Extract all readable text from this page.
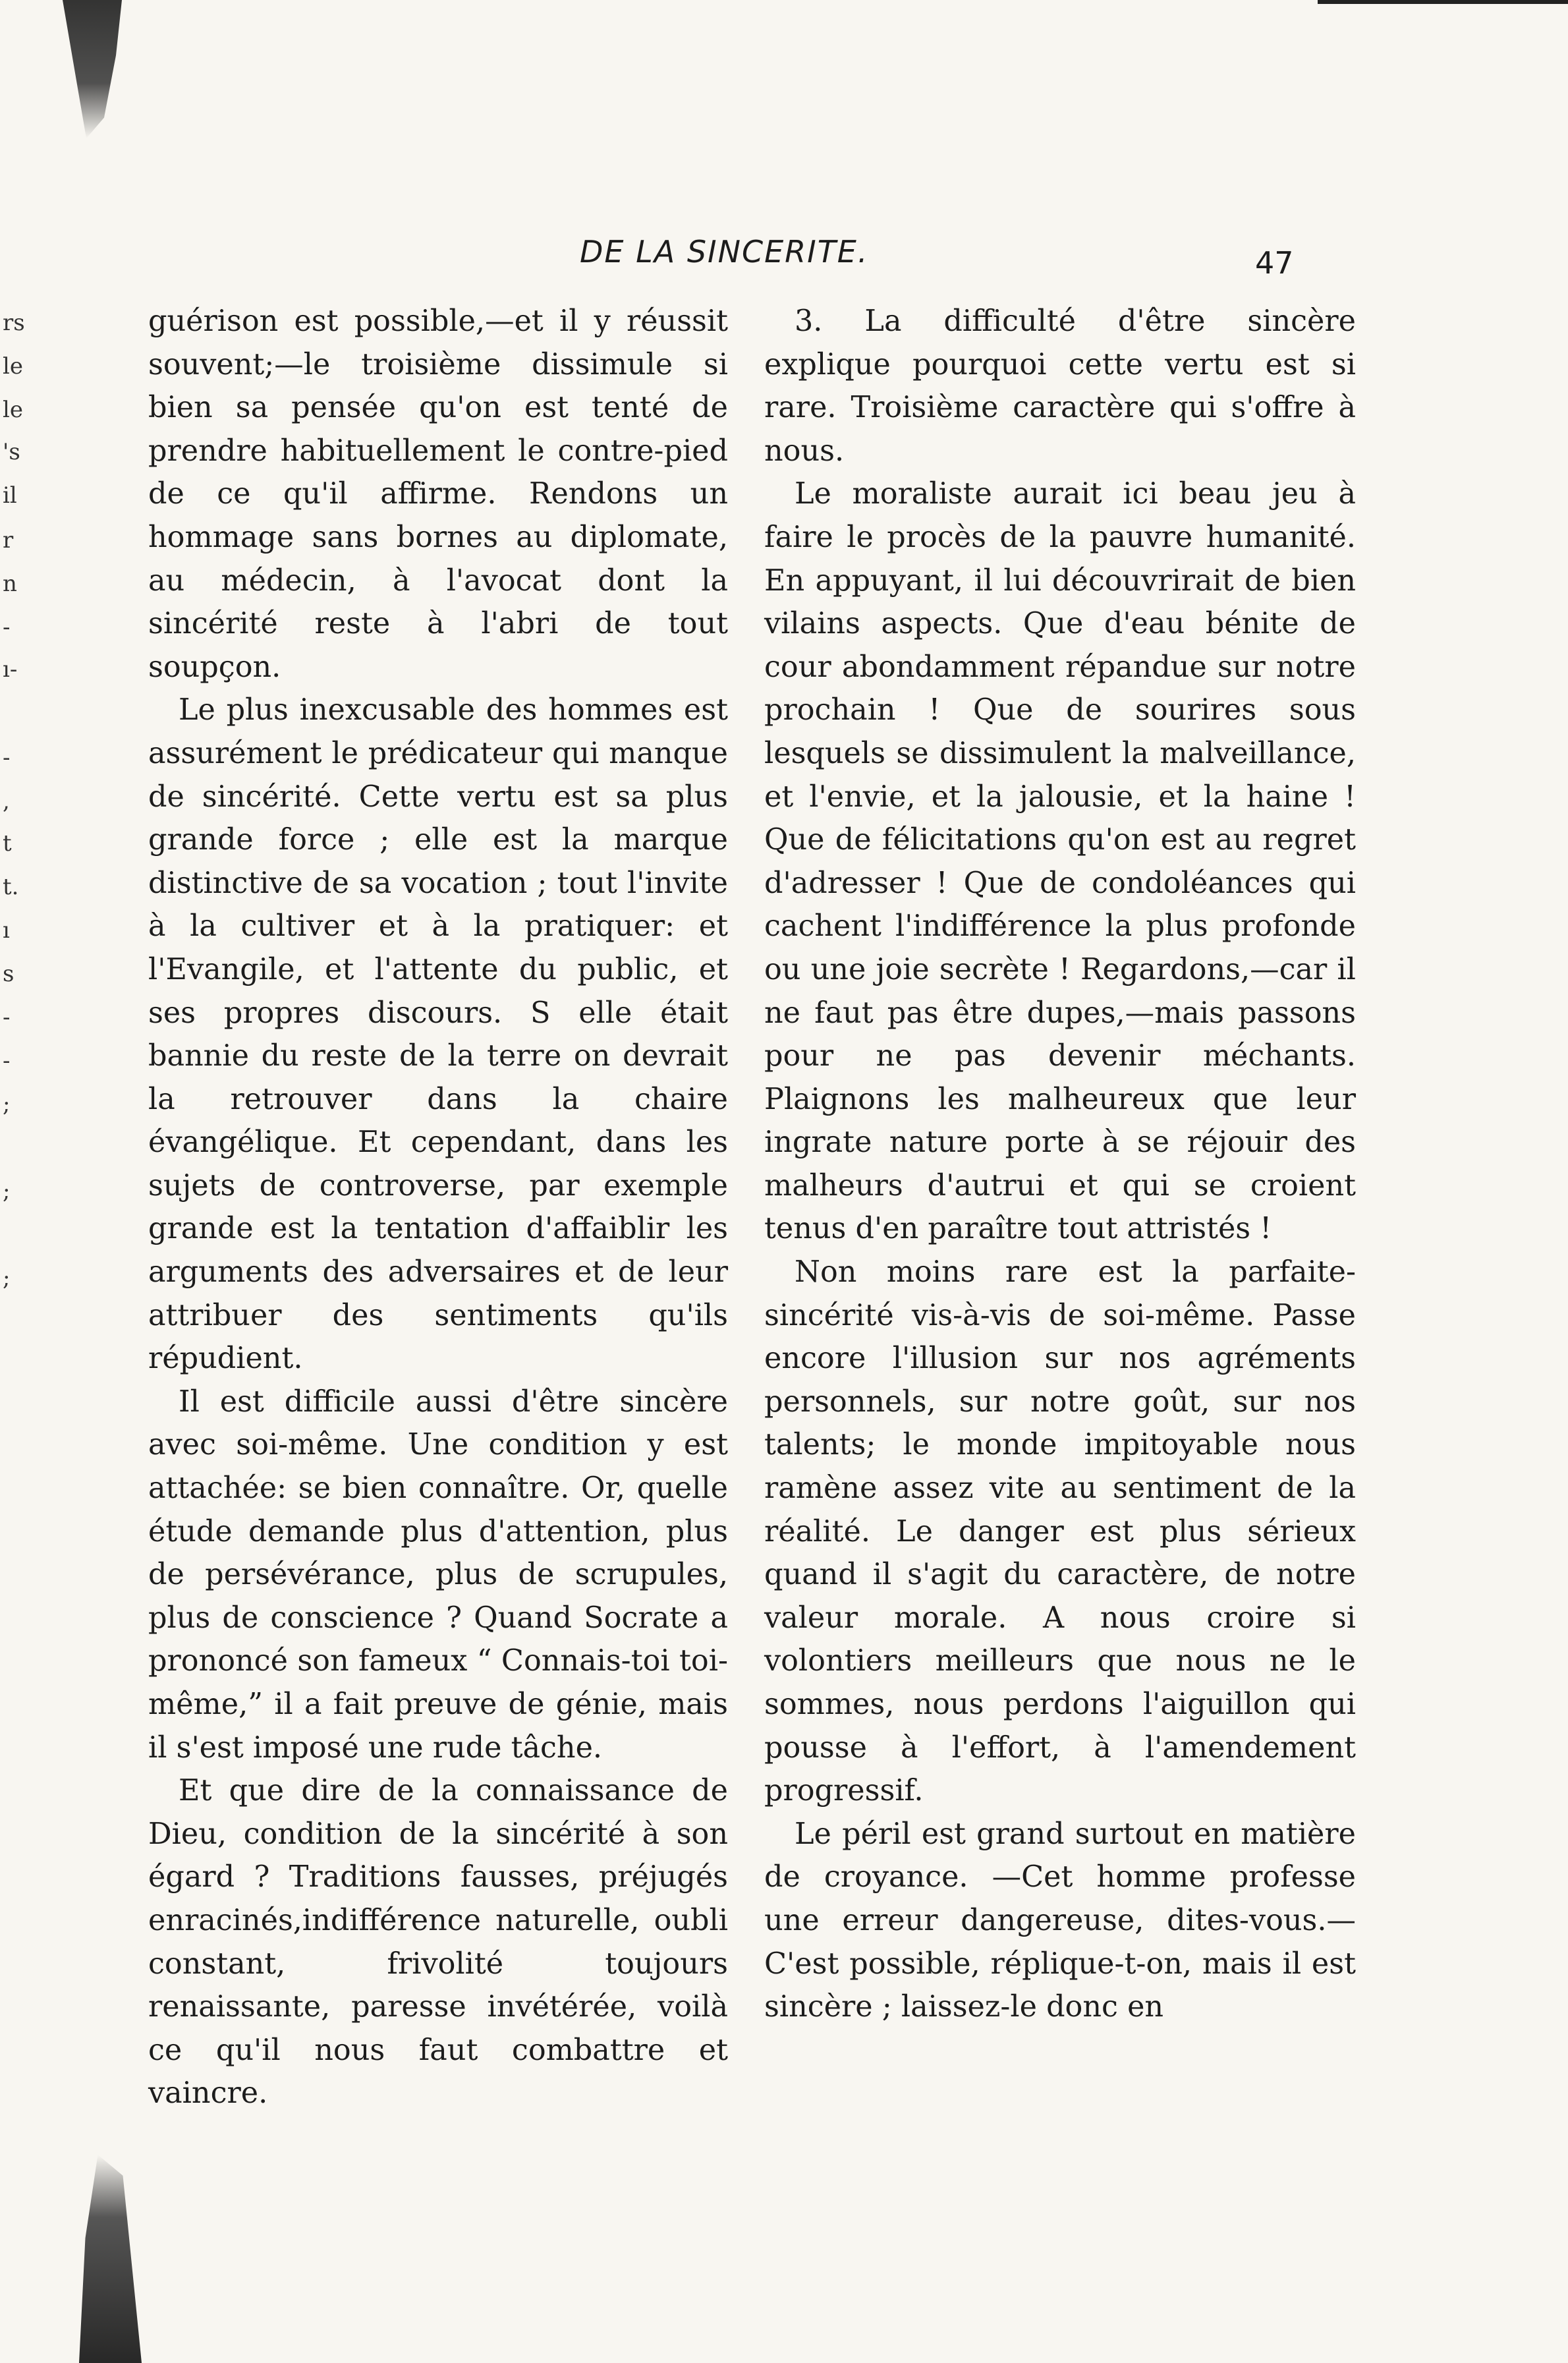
rs
le
le
's
il
r
n
-
ı-
-
,
t
t.
ı
s
-
-
;
;
;
DE LA SINCERITE.	47

guérison est possible,—et il y réussit souvent;—le troisième dissimule si bien sa pensée qu'on est tenté de prendre habituellement le contre-pied de ce qu'il affirme. Rendons un hommage sans bornes au diplomate, au médecin, à l'avocat dont la sincérité reste à l'abri de tout soupçon.

Le plus inexcusable des hommes est assurément le prédicateur qui manque de sincérité. Cette vertu est sa plus grande force ; elle est la marque distinctive de sa vocation ; tout l'invite à la cultiver et à la pratiquer: et l'Evangile, et l'attente du public, et ses propres discours. S elle était bannie du reste de la terre on devrait la retrouver dans la chaire évangélique. Et cependant, dans les sujets de controverse, par exemple grande est la tentation d'affaiblir les arguments des adversaires et de leur attribuer des sentiments qu'ils répudient.

Il est difficile aussi d'être sincère avec soi-même. Une condition y est attachée: se bien connaître. Or, quelle étude demande plus d'attention, plus de persévérance, plus de scrupules, plus de conscience ? Quand Socrate a prononcé son fameux “ Connais-toi toi-même,” il a fait preuve de génie, mais il s'est imposé une rude tâche.

Et que dire de la connaissance de Dieu, condition de la sincérité à son égard ? Traditions fausses, préjugés enracinés,indifférence naturelle, oubli constant, frivolité toujours renaissante, paresse invétérée, voilà ce qu'il nous faut combattre et vaincre.

3. La difficulté d'être sincère explique pourquoi cette vertu est si rare. Troisième caractère qui s'offre à nous.

Le moraliste aurait ici beau jeu à faire le procès de la pauvre humanité. En appuyant, il lui découvrirait de bien vilains aspects. Que d'eau bénite de cour abondamment répandue sur notre prochain ! Que de sourires sous lesquels se dissimulent la malveillance, et l'envie, et la jalousie, et la haine ! Que de félicitations qu'on est au regret d'adresser ! Que de condoléances qui cachent l'indifférence la plus profonde ou une joie secrète ! Regardons,—car il ne faut pas être dupes,—mais passons pour ne pas devenir méchants. Plaignons les malheureux que leur ingrate nature porte à se réjouir des malheurs d'autrui et qui se croient tenus d'en paraître tout attristés !

Non moins rare est la parfaite-sincérité vis-à-vis de soi-même. Passe encore l'illusion sur nos agréments personnels, sur notre goût, sur nos talents; le monde impitoyable nous ramène assez vite au sentiment de la réalité. Le danger est plus sérieux quand il s'agit du caractère, de notre valeur morale. A nous croire si volontiers meilleurs que nous ne le sommes, nous perdons l'aiguillon qui pousse à l'effort, à l'amendement progressif.

Le péril est grand surtout en matière de croyance. —Cet homme professe une erreur dangereuse, dites-vous.—C'est possible, réplique-t-on, mais il est sincère ; laissez-le donc en
